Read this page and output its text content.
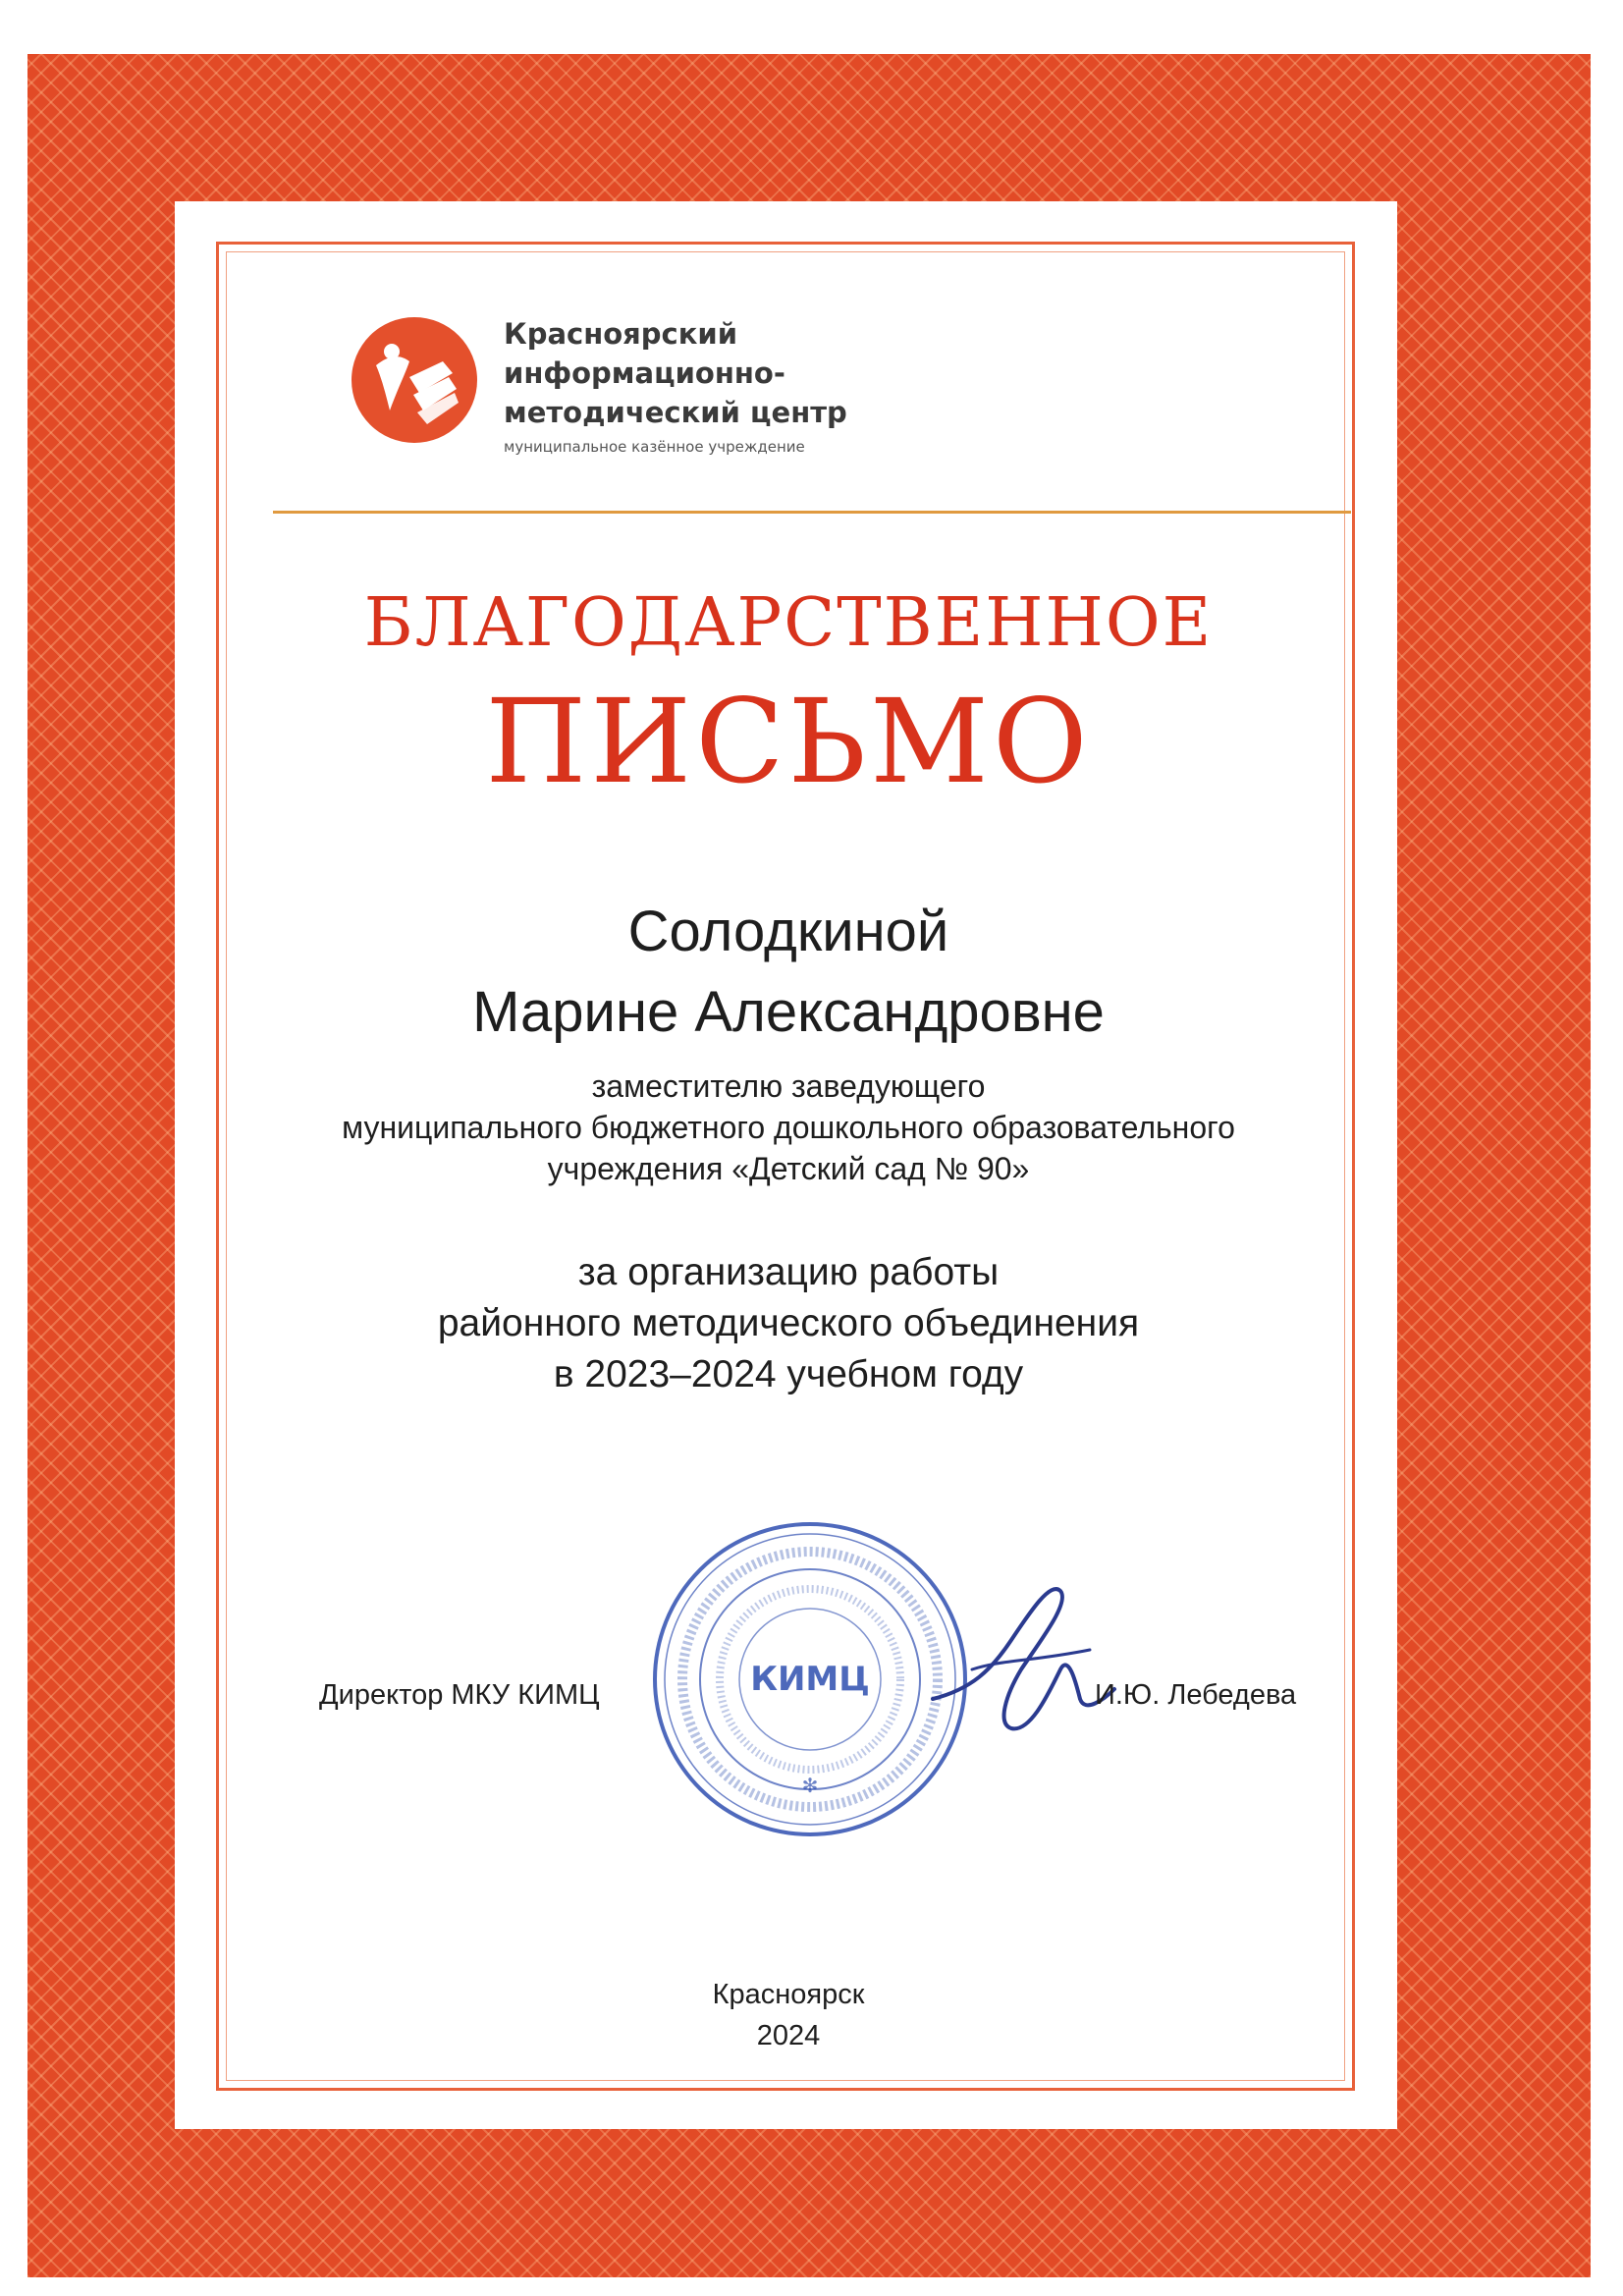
Красноярский
информационно-
методический центр
муниципальное казённое учреждение
БЛАГОДАРСТВЕННОЕ
ПИСЬМО
Солодкиной
Марине Александровне
заместителю заведующего
муниципального бюджетного дошкольного образовательного
учреждения «Детский сад № 90»
за организацию работы
районного методического объединения
в 2023–2024 учебном году
Директор МКУ КИМЦ	КИМЦ
✻
И.Ю. Лебедева
Красноярск
2024
